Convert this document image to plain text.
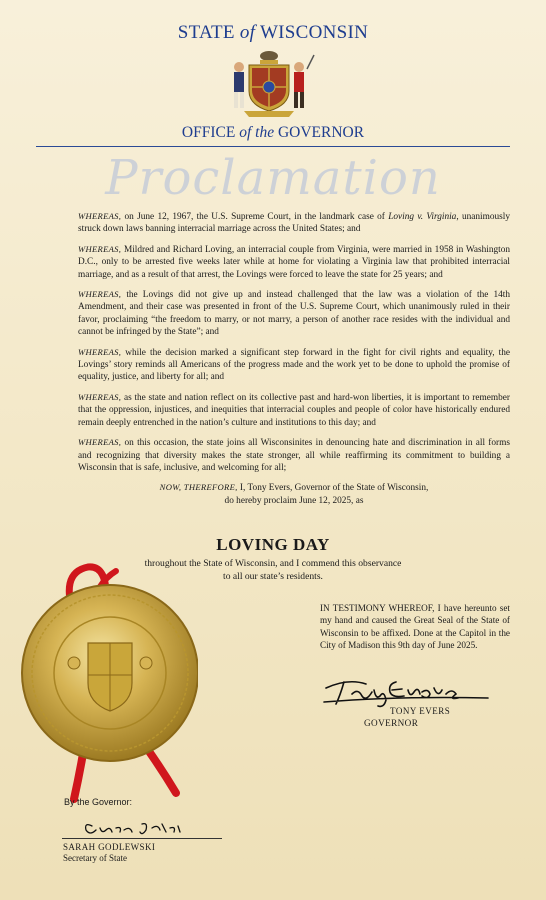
STATE of WISCONSIN
OFFICE of the GOVERNOR
Proclamation

WHEREAS, on June 12, 1967, the U.S. Supreme Court, in the landmark case of Loving v. Virginia, unanimously struck down laws banning interracial marriage across the United States; and

WHEREAS, Mildred and Richard Loving, an interracial couple from Virginia, were married in 1958 in Washington D.C., only to be arrested five weeks later while at home for violating a Virginia law that prohibited interracial marriage, and as a result of that arrest, the Lovings were forced to leave the state for 25 years; and

WHEREAS, the Lovings did not give up and instead challenged that the law was a violation of the 14th Amendment, and their case was presented in front of the U.S. Supreme Court, which unanimously ruled in their favor, proclaiming “the freedom to marry, or not marry, a person of another race resides with the individual and cannot be infringed by the State”; and

WHEREAS, while the decision marked a significant step forward in the fight for civil rights and equality, the Lovings’ story reminds all Americans of the progress made and the work yet to be done to uphold the promise of equality, justice, and liberty for all; and

WHEREAS, as the state and nation reflect on its collective past and hard-won liberties, it is important to remember that the oppression, injustices, and inequities that interracial couples and people of color have historically endured remain deeply entrenched in the nation’s culture and institutions to this day; and

WHEREAS, on this occasion, the state joins all Wisconsinites in denouncing hate and discrimination in all forms and recognizing that diversity makes the state stronger, all while reaffirming its commitment to building a Wisconsin that is safe, inclusive, and welcoming for all;

NOW, THEREFORE, I, Tony Evers, Governor of the State of Wisconsin,

do hereby proclaim June 12, 2025, as

LOVING DAY
throughout the State of Wisconsin, and I commend this observance
to all our state’s residents.
IN TESTIMONY WHEREOF, I have hereunto set my hand and caused the Great Seal of the State of Wisconsin to be affixed. Done at the Capitol in the City of Madison this 9th day of June 2025.
TONY EVERS
GOVERNOR
By the Governor:
SARAH GODLEWSKI
Secretary of State
